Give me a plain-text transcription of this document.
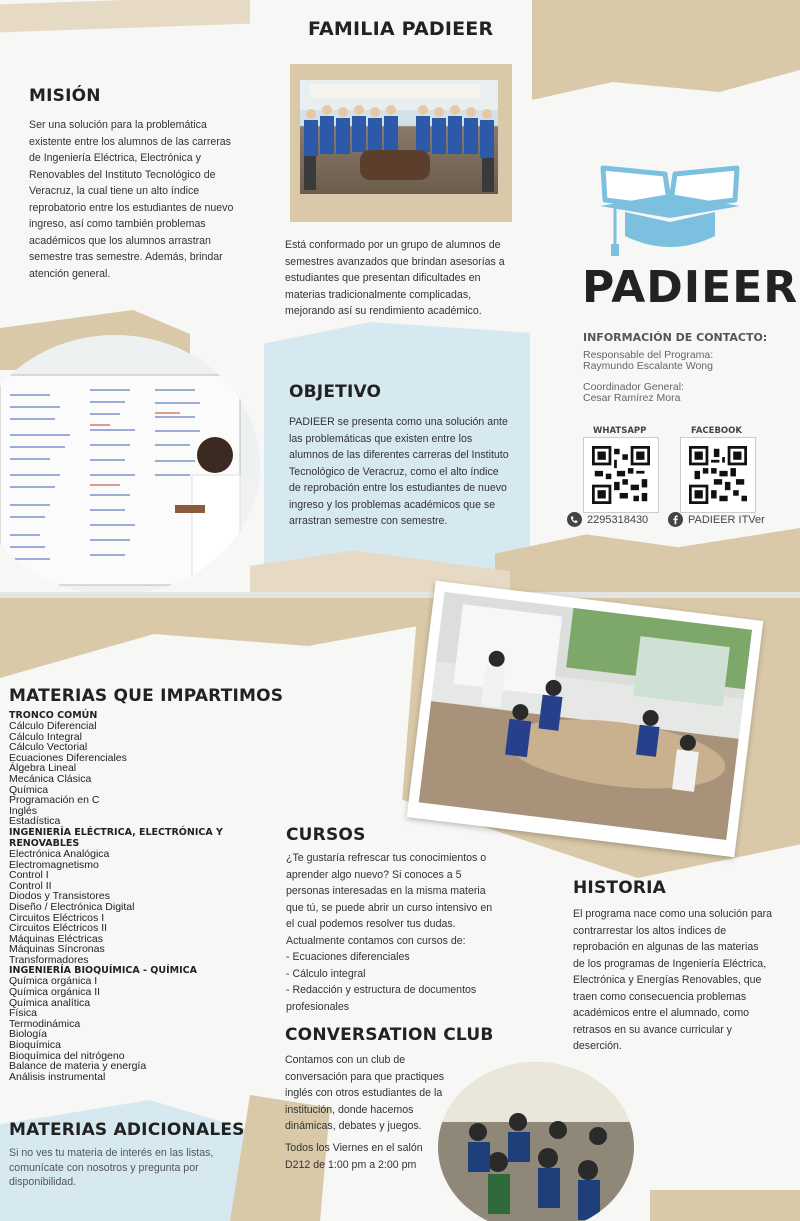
FAMILIA PADIEER

Está conformado por un grupo de alumnos de semestres avanzados que brindan asesorías a estudiantes que presentan dificultades en materias tradicionalmente complicadas, mejorando así su rendimiento académico.

MISIÓN

Ser una solución para la problemática existente entre los alumnos de las carreras de Ingeniería Eléctrica, Electrónica y Renovables del Instituto Tecnológico de Veracruz, la cual tiene un alto índice reprobatorio entre los estudiantes de nuevo ingreso, así como también problemas académicos que los alumnos arrastran semestre tras semestre. Además, brindar atención general.

OBJETIVO

PADIEER se presenta como una solución ante las problemáticas que existen entre los alumnos de las diferentes carreras del Instituto Tecnológico de Veracruz, como el alto índice de reprobación entre los estudiantes de nuevo ingreso y los problemas académicos que se arrastran semestre con semestre.

PADIEER
INFORMACIÓN DE CONTACTO:
Responsable del Programa:
Raymundo Escalante Wong
Coordinador General:
Cesar Ramírez Mora
WHATSAPP	FACEBOOK
2295318430	PADIEER ITVer
MATERIAS QUE IMPARTIMOS
TRONCO COMÚN
Cálculo Diferencial
Cálculo Integral
Cálculo Vectorial
Ecuaciones Diferenciales
Álgebra Lineal
Mecánica Clásica
Química
Programación en C
Inglés
Estadística
INGENIERÍA ELÉCTRICA, ELECTRÓNICA Y RENOVABLES
Electrónica Analógica
Electromagnetismo
Control I
Control II
Diodos y Transistores
Diseño / Electrónica Digital
Circuitos Eléctricos I
Circuitos Eléctricos II
Máquinas Eléctricas
Máquinas Síncronas
Transformadores
INGENIERÍA BIOQUÍMICA - QUÍMICA
Química orgánica I
Química orgánica II
Química analítica
Física
Termodinámica
Biología
Bioquímica
Bioquímica del nitrógeno
Balance de materia y energía
Análisis instrumental
MATERIAS ADICIONALES

Si no ves tu materia de interés en las listas, comunícate con nosotros y pregunta por disponibilidad.

CURSOS

¿Te gustaría refrescar tus conocimientos o aprender algo nuevo? Si conoces a 5 personas interesadas en la misma materia que tú, se puede abrir un curso intensivo en el cual podemos resolver tus dudas. Actualmente contamos con cursos de:

- Ecuaciones diferenciales
- Cálculo integral
- Redacción y estructura de documentos profesionales
CONVERSATION CLUB

Contamos con un club de conversación para que practiques inglés con otros estudiantes de la institución, donde hacemos dinámicas, debates y juegos.

Todos los Viernes en el salón D212 de 1:00 pm a 2:00 pm

HISTORIA

El programa nace como una solución para contrarrestar los altos índices de reprobación en algunas de las materias de los programas de Ingeniería Eléctrica, Electrónica y Energías Renovables, que traen como consecuencia problemas académicos entre el alumnado, como retrasos en su avance curricular y deserción.
